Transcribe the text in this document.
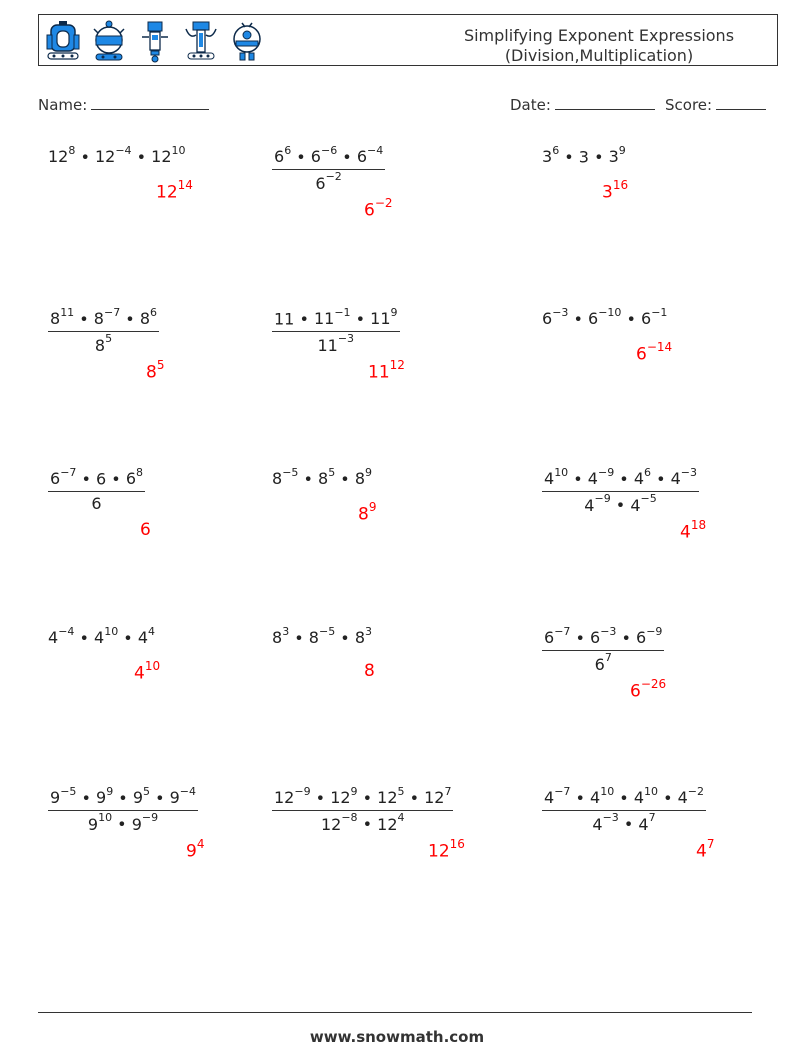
Simplifying Exponent Expressions
(Division,Multiplication)
Name:	Date:	Score:
$12^8$ • $12^{-4}$ • $12^{10}$
$12^{14}$	$\frac{6^6 • 6^{-6} • 6^{-4}}{6^{-2}}$
$6^{-2}$
$3^6$ • 3 • $3^9$
$3^{16}$
$\frac{8^{11} • 8^{-7} • 8^6}{8^5}$
$8^5$
$\frac{11 • 11^{-1} • 11^9}{11^{-3}}$
$11^{12}$
$6^{-3}$ • $6^{-10}$ • $6^{-1}$
$6^{-14}$
$\frac{6^{-7} • 6 • 6^8}{6}$
6
$8^{-5}$ • $8^5$ • $8^9$
$8^9$	$\frac{4^{10} • 4^{-9} • 4^6 • 4^{-3}}{4^{-9} • 4^{-5}}$
$4^{18}$
$4^{-4}$ • $4^{10}$ • $4^4$
$4^{10}$
$8^3$ • $8^{-5}$ • $8^3$
8	$\frac{6^{-7} • 6^{-3} • 6^{-9}}{6^7}$
$6^{-26}$
$\frac{9^{-5} • 9^9 • 9^5 • 9^{-4}}{9^{10} • 9^{-9}}$
$9^4$
$\frac{12^{-9} • 12^9 • 12^5 • 12^7}{12^{-8} • 12^4}$
$12^{16}$
$\frac{4^{-7} • 4^{10} • 4^{10} • 4^{-2}}{4^{-3} • 4^7}$
$4^7$
www.snowmath.com
